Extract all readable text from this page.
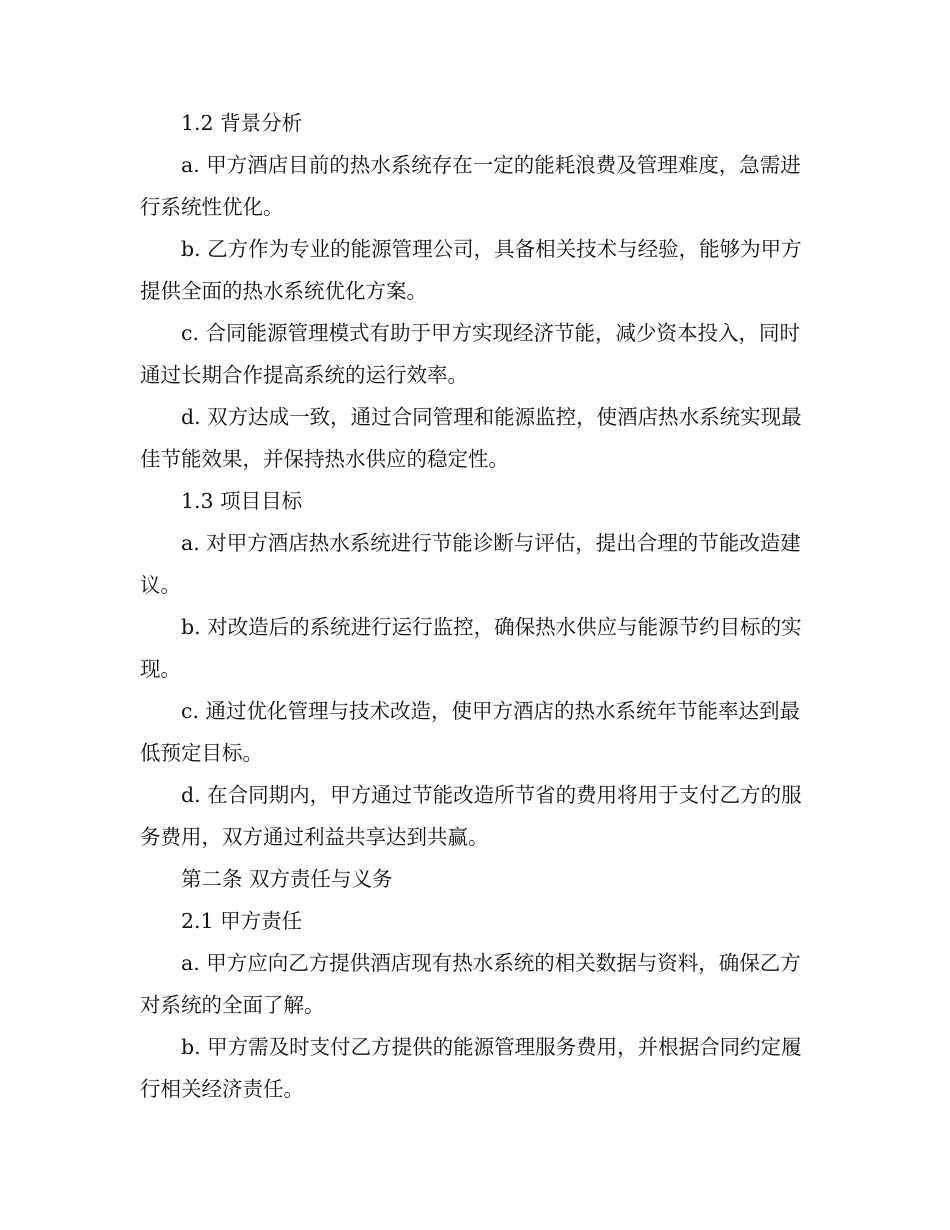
1.2 背景分析

a. 甲方酒店目前的热水系统存在一定的能耗浪费及管理难度，急需进行系统性优化。

b. 乙方作为专业的能源管理公司，具备相关技术与经验，能够为甲方提供全面的热水系统优化方案。

c. 合同能源管理模式有助于甲方实现经济节能，减少资本投入，同时通过长期合作提高系统的运行效率。

d. 双方达成一致，通过合同管理和能源监控，使酒店热水系统实现最佳节能效果，并保持热水供应的稳定性。

1.3 项目目标

a. 对甲方酒店热水系统进行节能诊断与评估，提出合理的节能改造建议。

b. 对改造后的系统进行运行监控，确保热水供应与能源节约目标的实现。

c. 通过优化管理与技术改造，使甲方酒店的热水系统年节能率达到最低预定目标。

d. 在合同期内，甲方通过节能改造所节省的费用将用于支付乙方的服务费用，双方通过利益共享达到共赢。

第二条 双方责任与义务

2.1 甲方责任

a. 甲方应向乙方提供酒店现有热水系统的相关数据与资料，确保乙方对系统的全面了解。

b. 甲方需及时支付乙方提供的能源管理服务费用，并根据合同约定履行相关经济责任。
